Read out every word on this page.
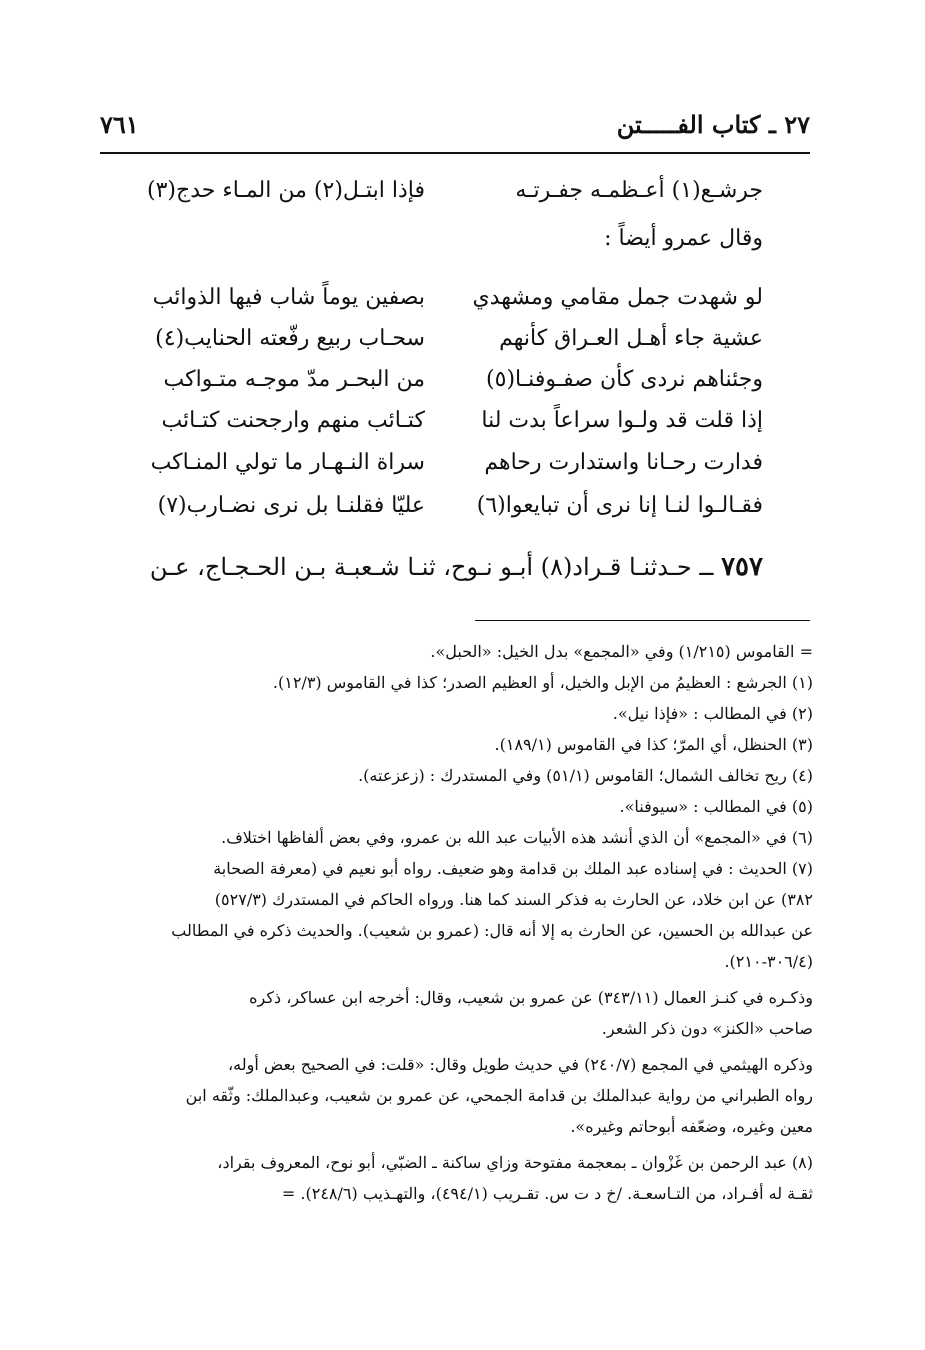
٢٧ ـ كتاب الفـــــتن
٧٦١
جرشـع(١) أعـظمـه جفـرتـه
فإذا ابتـل(٢) من المـاء حدج(٣)
وقال عمرو أيضاً :
لو شهدت جمل مقامي ومشهدي
بصفين يوماً شاب فيها الذوائب
عشية جاء أهـل العـراق كأنهم
سحـاب ربيع رفّعته الحنايب(٤)
وجئناهم نردى كأن صفـوفنـا(٥)
من البحـر مدّ موجـه متـواكب
إذا قلت قد ولـوا سراعاً بدت لنا
كتـائب منهم وارجحنت كتـائب
فدارت رحـانا واستدارت رحاهم
سراة النـهـار ما تولي المنـاكب
فقـالـوا لنـا إنا نرى أن تبايعوا(٦)
عليّا فقلنـا بل نرى نضـارب(٧)
٧٥٧ ــ حـدثنـا قـراد(٨) أبـو نـوح، ثنـا شـعبـة بـن الحـجـاج، عـن
= القاموس (١/٢١٥) وفي «المجمع» بدل الخيل: «الحبل».
(١) الجرشع : العظيمُ من الإبل والخيل، أو العظيم الصدر؛ كذا في القاموس (١٢/٣).
(٢) في المطالب : «فإذا نيل».
(٣) الحنظل، أي المرّ؛ كذا في القاموس (١٨٩/١).
(٤) ريح تخالف الشمال؛ القاموس (٥١/١) وفي المستدرك : (زعزعته).
(٥) في المطالب : «سيوفنا».
(٦) في «المجمع» أن الذي أنشد هذه الأبيات عبد الله بن عمرو، وفي بعض ألفاظها اختلاف.
(٧) الحديث : في إسناده عبد الملك بن قدامة وهو ضعيف. رواه أبو نعيم في (معرفة الصحابة
٣٨٢) عن ابن خلاد، عن الحارث به فذكر السند كما هنا. ورواه الحاكم في المستدرك (٥٢٧/٣)
عن عبدالله بن الحسين، عن الحارث به إلا أنه قال: (عمرو بن شعيب). والحديث ذكره في المطالب
(٣٠٦/٤-٢١٠).
وذكـره في كنـز العمال (٣٤٣/١١) عن عمرو بن شعيب، وقال: أخرجه ابن عساكر، ذكره
صاحب «الكنز» دون ذكر الشعر.
وذكره الهيثمي في المجمع (٢٤٠/٧) في حديث طويل وقال: «قلت: في الصحيح بعض أوله،
رواه الطبراني من رواية عبدالملك بن قدامة الجمحي، عن عمرو بن شعيب، وعبدالملك: وثّقه ابن
معين وغيره، وضعّفه أبوحاتم وغيره».
(٨) عبد الرحمن بن غَزْوان ـ بمعجمة مفتوحة وزاي ساكنة ـ الضبّي، أبو نوح، المعروف بقراد،
ثقـة له أفـراد، من التـاسعـة. /خ د ت س. تقـريب (٤٩٤/١)، والتهـذيب (٢٤٨/٦). =
